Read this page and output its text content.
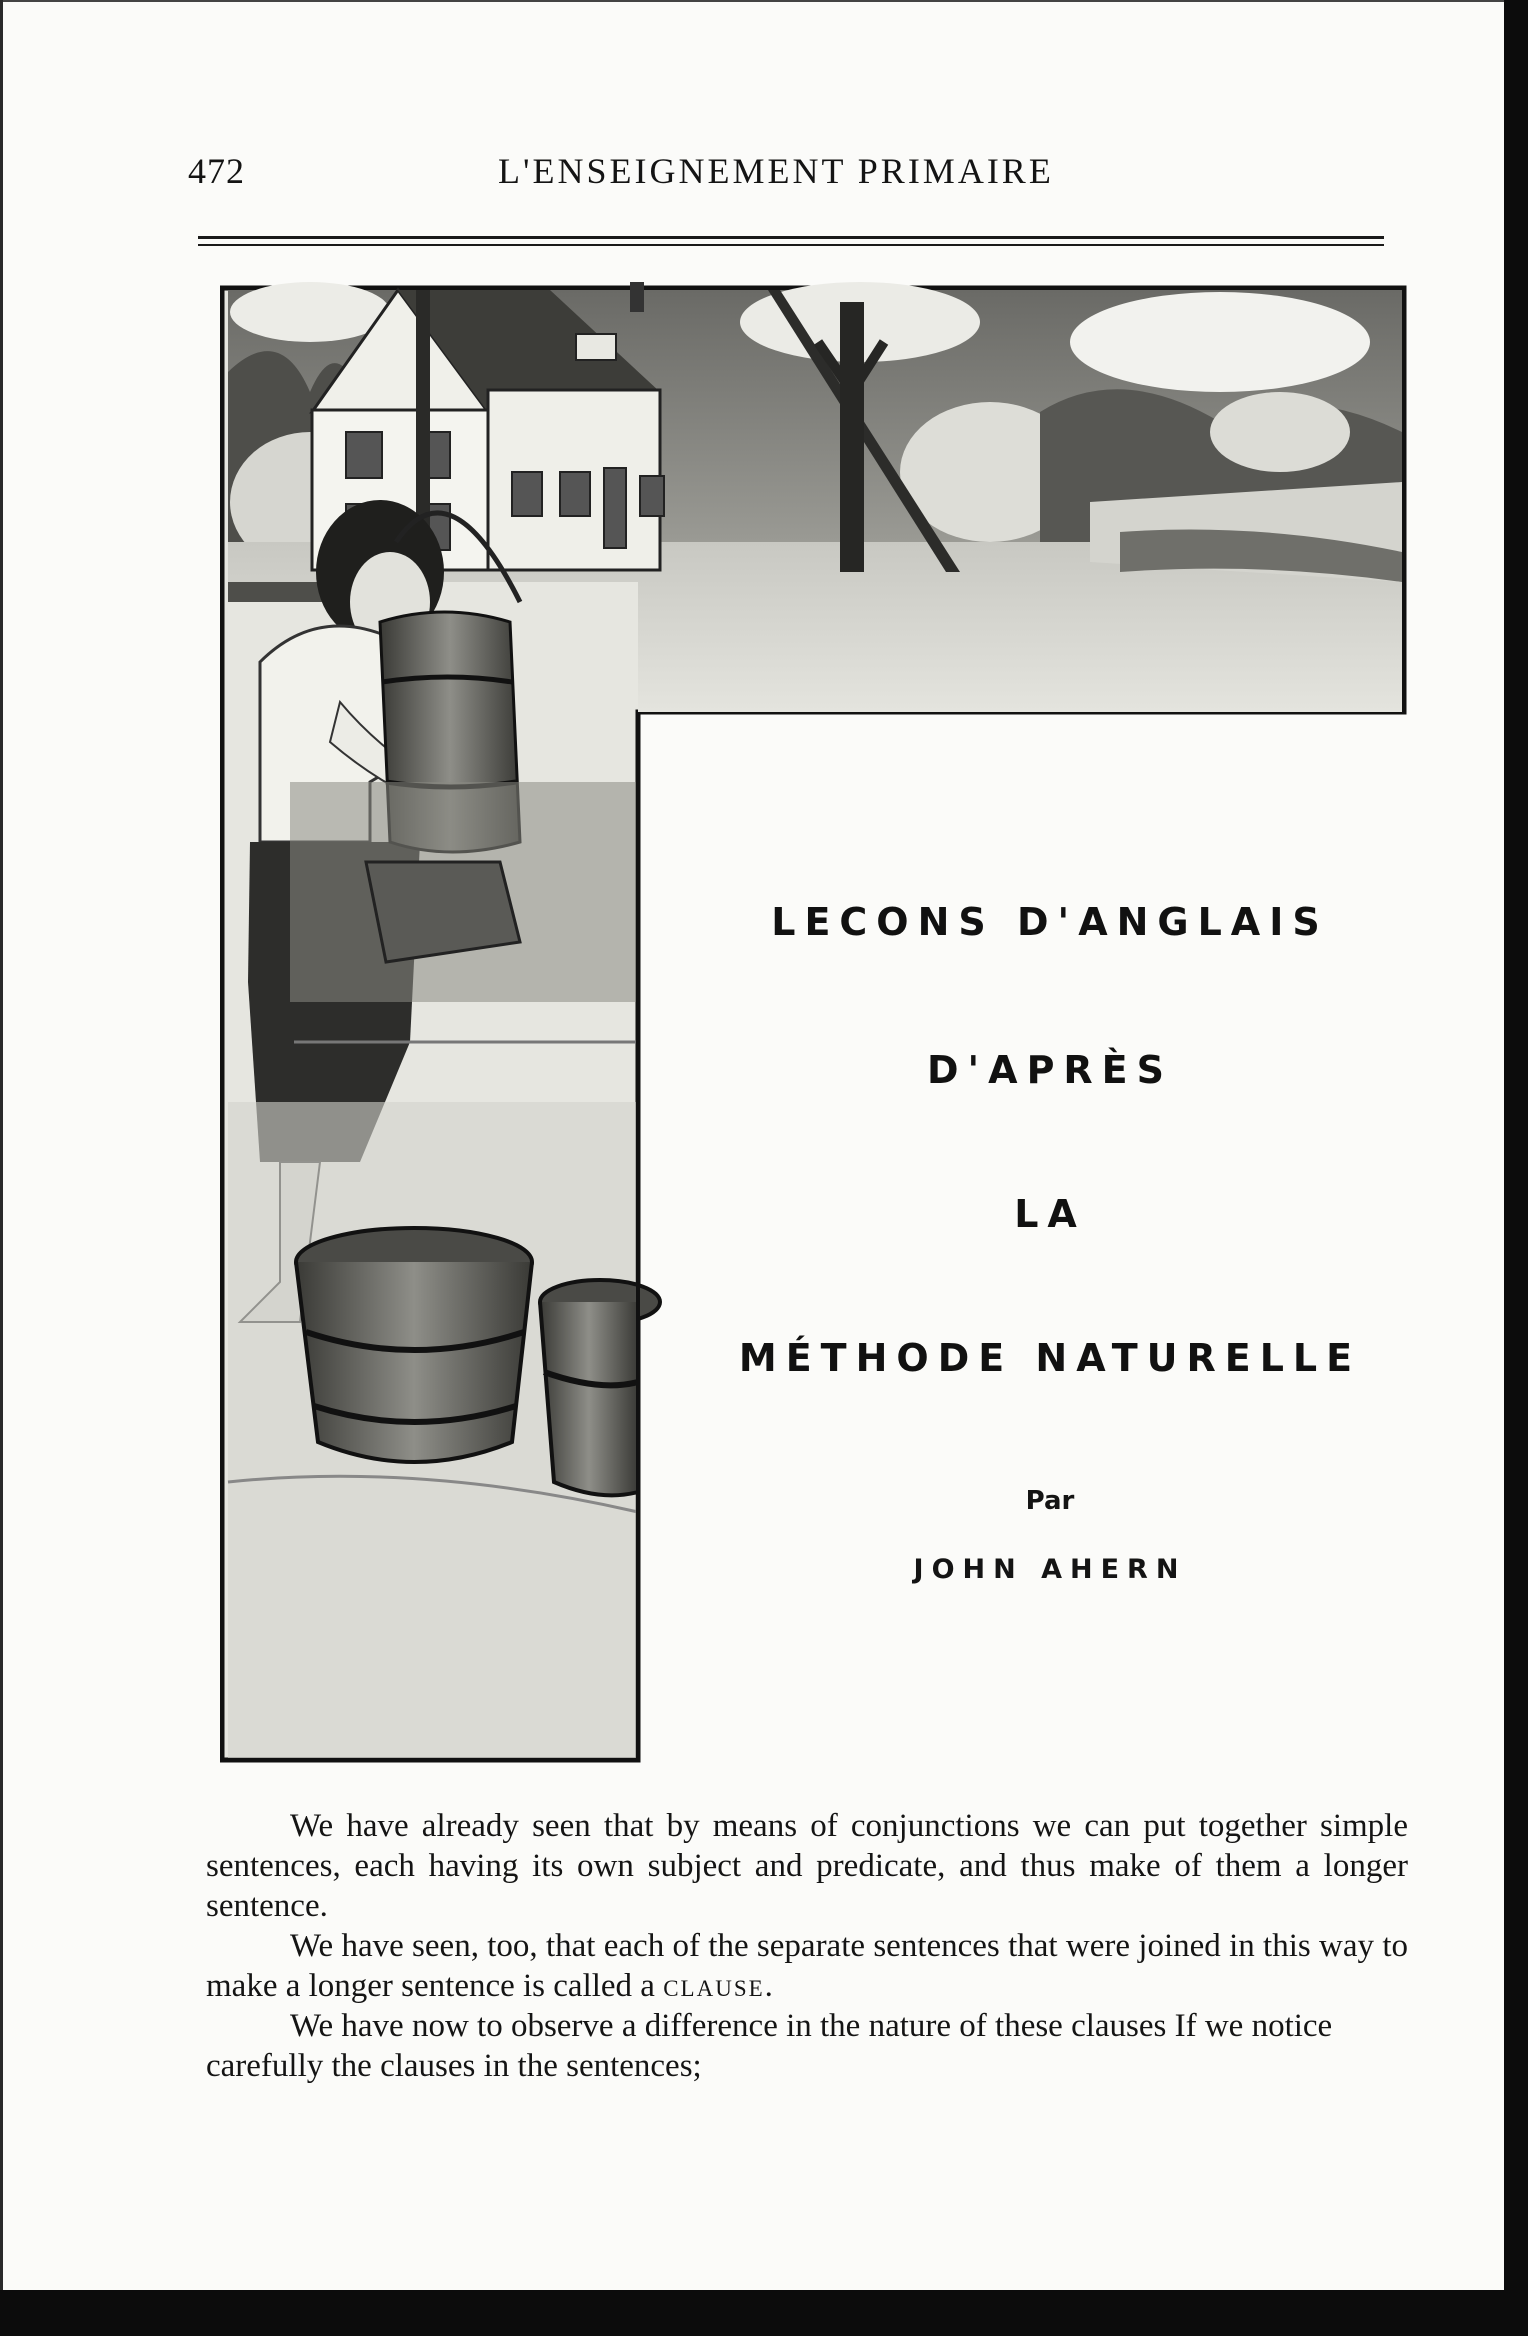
472	L'ENSEIGNEMENT PRIMAIRE
LECONS D'ANGLAIS
D'APRÈS
LA
MÉTHODE NATURELLE
Par
JOHN AHERN

We have already seen that by means of conjunctions we can put together simple sentences, each having its own subject and predicate, and thus make of them a longer sentence.

We have seen, too, that each of the separate sentences that were joined in this way to make a longer sentence is called a clause.

We have now to observe a difference in the nature of these clauses If we notice carefully the clauses in the sentences;
